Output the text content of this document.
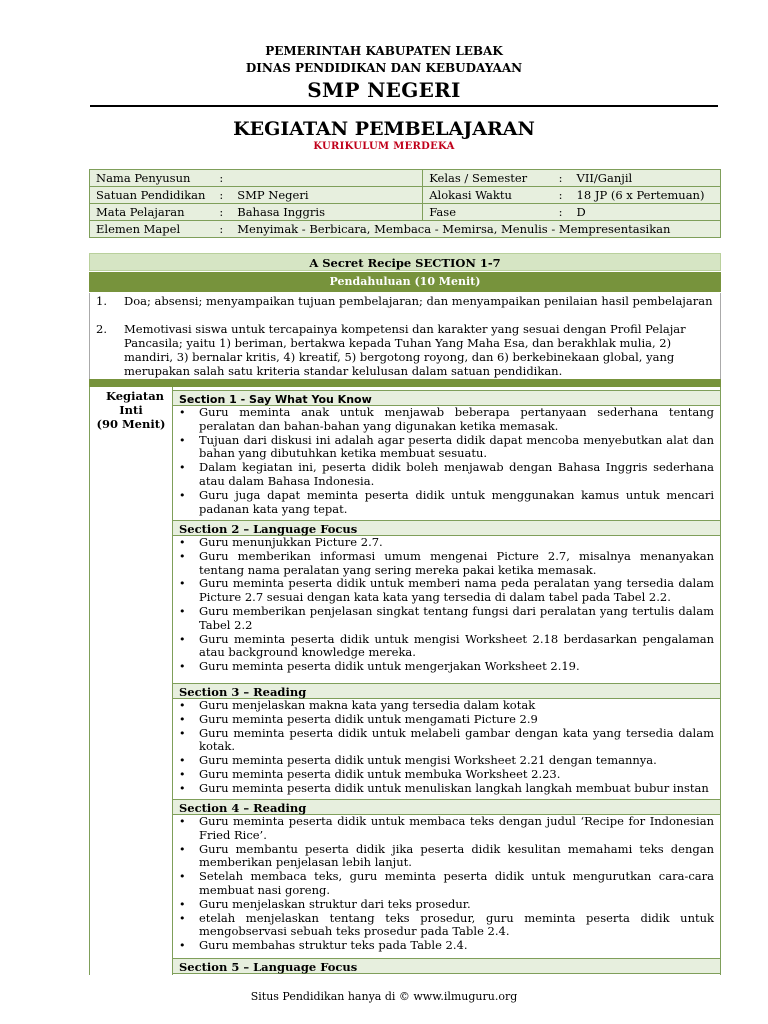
PEMERINTAH KABUPATEN LEBAK
DINAS PENDIDIKAN DAN KEBUDAYAAN
SMP NEGERI
KEGIATAN PEMBELAJARAN
KURIKULUM MERDEKA
Nama Penyusun	:		Kelas / Semester	:	VII/Ganjil
Satuan Pendidikan	:	SMP Negeri	Alokasi Waktu	:	18 JP (6 x Pertemuan)
Mata Pelajaran	:	Bahasa Inggris	Fase	:	D
Elemen Mapel	:	Menyimak - Berbicara, Membaca - Memirsa, Menulis - Mempresentasikan			
A Secret Recipe SECTION 1-7
Pendahuluan (10 Menit)
1. Doa; absensi; menyampaikan tujuan pembelajaran; dan menyampaikan penilaian hasil pembelajaran
2. Memotivasi siswa untuk tercapainya kompetensi dan karakter yang sesuai dengan Profil Pelajar Pancasila; yaitu 1) beriman, bertakwa kepada Tuhan Yang Maha Esa, dan berakhlak mulia, 2) mandiri, 3) bernalar kritis, 4) kreatif, 5) bergotong royong, dan 6) berkebinekaan global, yang merupakan salah satu kriteria standar kelulusan dalam satuan pendidikan.
Kegiatan Inti
(90 Menit)
Section 1 - Say What You Know
• Guru meminta anak untuk menjawab beberapa pertanyaan sederhana tentang peralatan dan bahan-bahan yang digunakan ketika memasak.
• Tujuan dari diskusi ini adalah agar peserta didik dapat mencoba menyebutkan alat dan bahan yang dibutuhkan ketika membuat sesuatu.
• Dalam kegiatan ini, peserta didik boleh menjawab dengan Bahasa Inggris sederhana atau dalam Bahasa Indonesia.
• Guru juga dapat meminta peserta didik untuk menggunakan kamus untuk mencari padanan kata yang tepat.
Section 2 – Language Focus
• Guru menunjukkan Picture 2.7.
• Guru memberikan informasi umum mengenai Picture 2.7, misalnya menanyakan tentang nama peralatan yang sering mereka pakai ketika memasak.
• Guru meminta peserta didik untuk memberi nama peda peralatan yang tersedia dalam Picture 2.7 sesuai dengan kata kata yang tersedia di dalam tabel pada Tabel 2.2.
• Guru memberikan penjelasan singkat tentang fungsi dari peralatan yang tertulis dalam Tabel 2.2
• Guru meminta peserta didik untuk mengisi Worksheet 2.18 berdasarkan pengalaman atau background knowledge mereka.
• Guru meminta peserta didik untuk mengerjakan Worksheet 2.19.
Section 3 – Reading
• Guru menjelaskan makna kata yang tersedia dalam kotak
• Guru meminta peserta didik untuk mengamati Picture 2.9
• Guru meminta peserta didik untuk melabeli gambar dengan kata yang tersedia dalam kotak.
• Guru meminta peserta didik untuk mengisi Worksheet 2.21 dengan temannya.
• Guru meminta peserta didik untuk membuka Worksheet 2.23.
• Guru meminta peserta didik untuk menuliskan langkah langkah membuat bubur instan
Section 4 – Reading
• Guru meminta peserta didik untuk membaca teks dengan judul ‘Recipe for Indonesian Fried Rice’.
• Guru membantu peserta didik jika peserta didik kesulitan memahami teks dengan memberikan penjelasan lebih lanjut.
• Setelah membaca teks, guru meminta peserta didik untuk mengurutkan cara-cara membuat nasi goreng.
• Guru menjelaskan struktur dari teks prosedur.
• etelah menjelaskan tentang teks prosedur, guru meminta peserta didik untuk mengobservasi sebuah teks prosedur pada Table 2.4.
• Guru membahas struktur teks pada Table 2.4.
Section 5 – Language Focus
Situs Pendidikan hanya di © www.ilmuguru.org
